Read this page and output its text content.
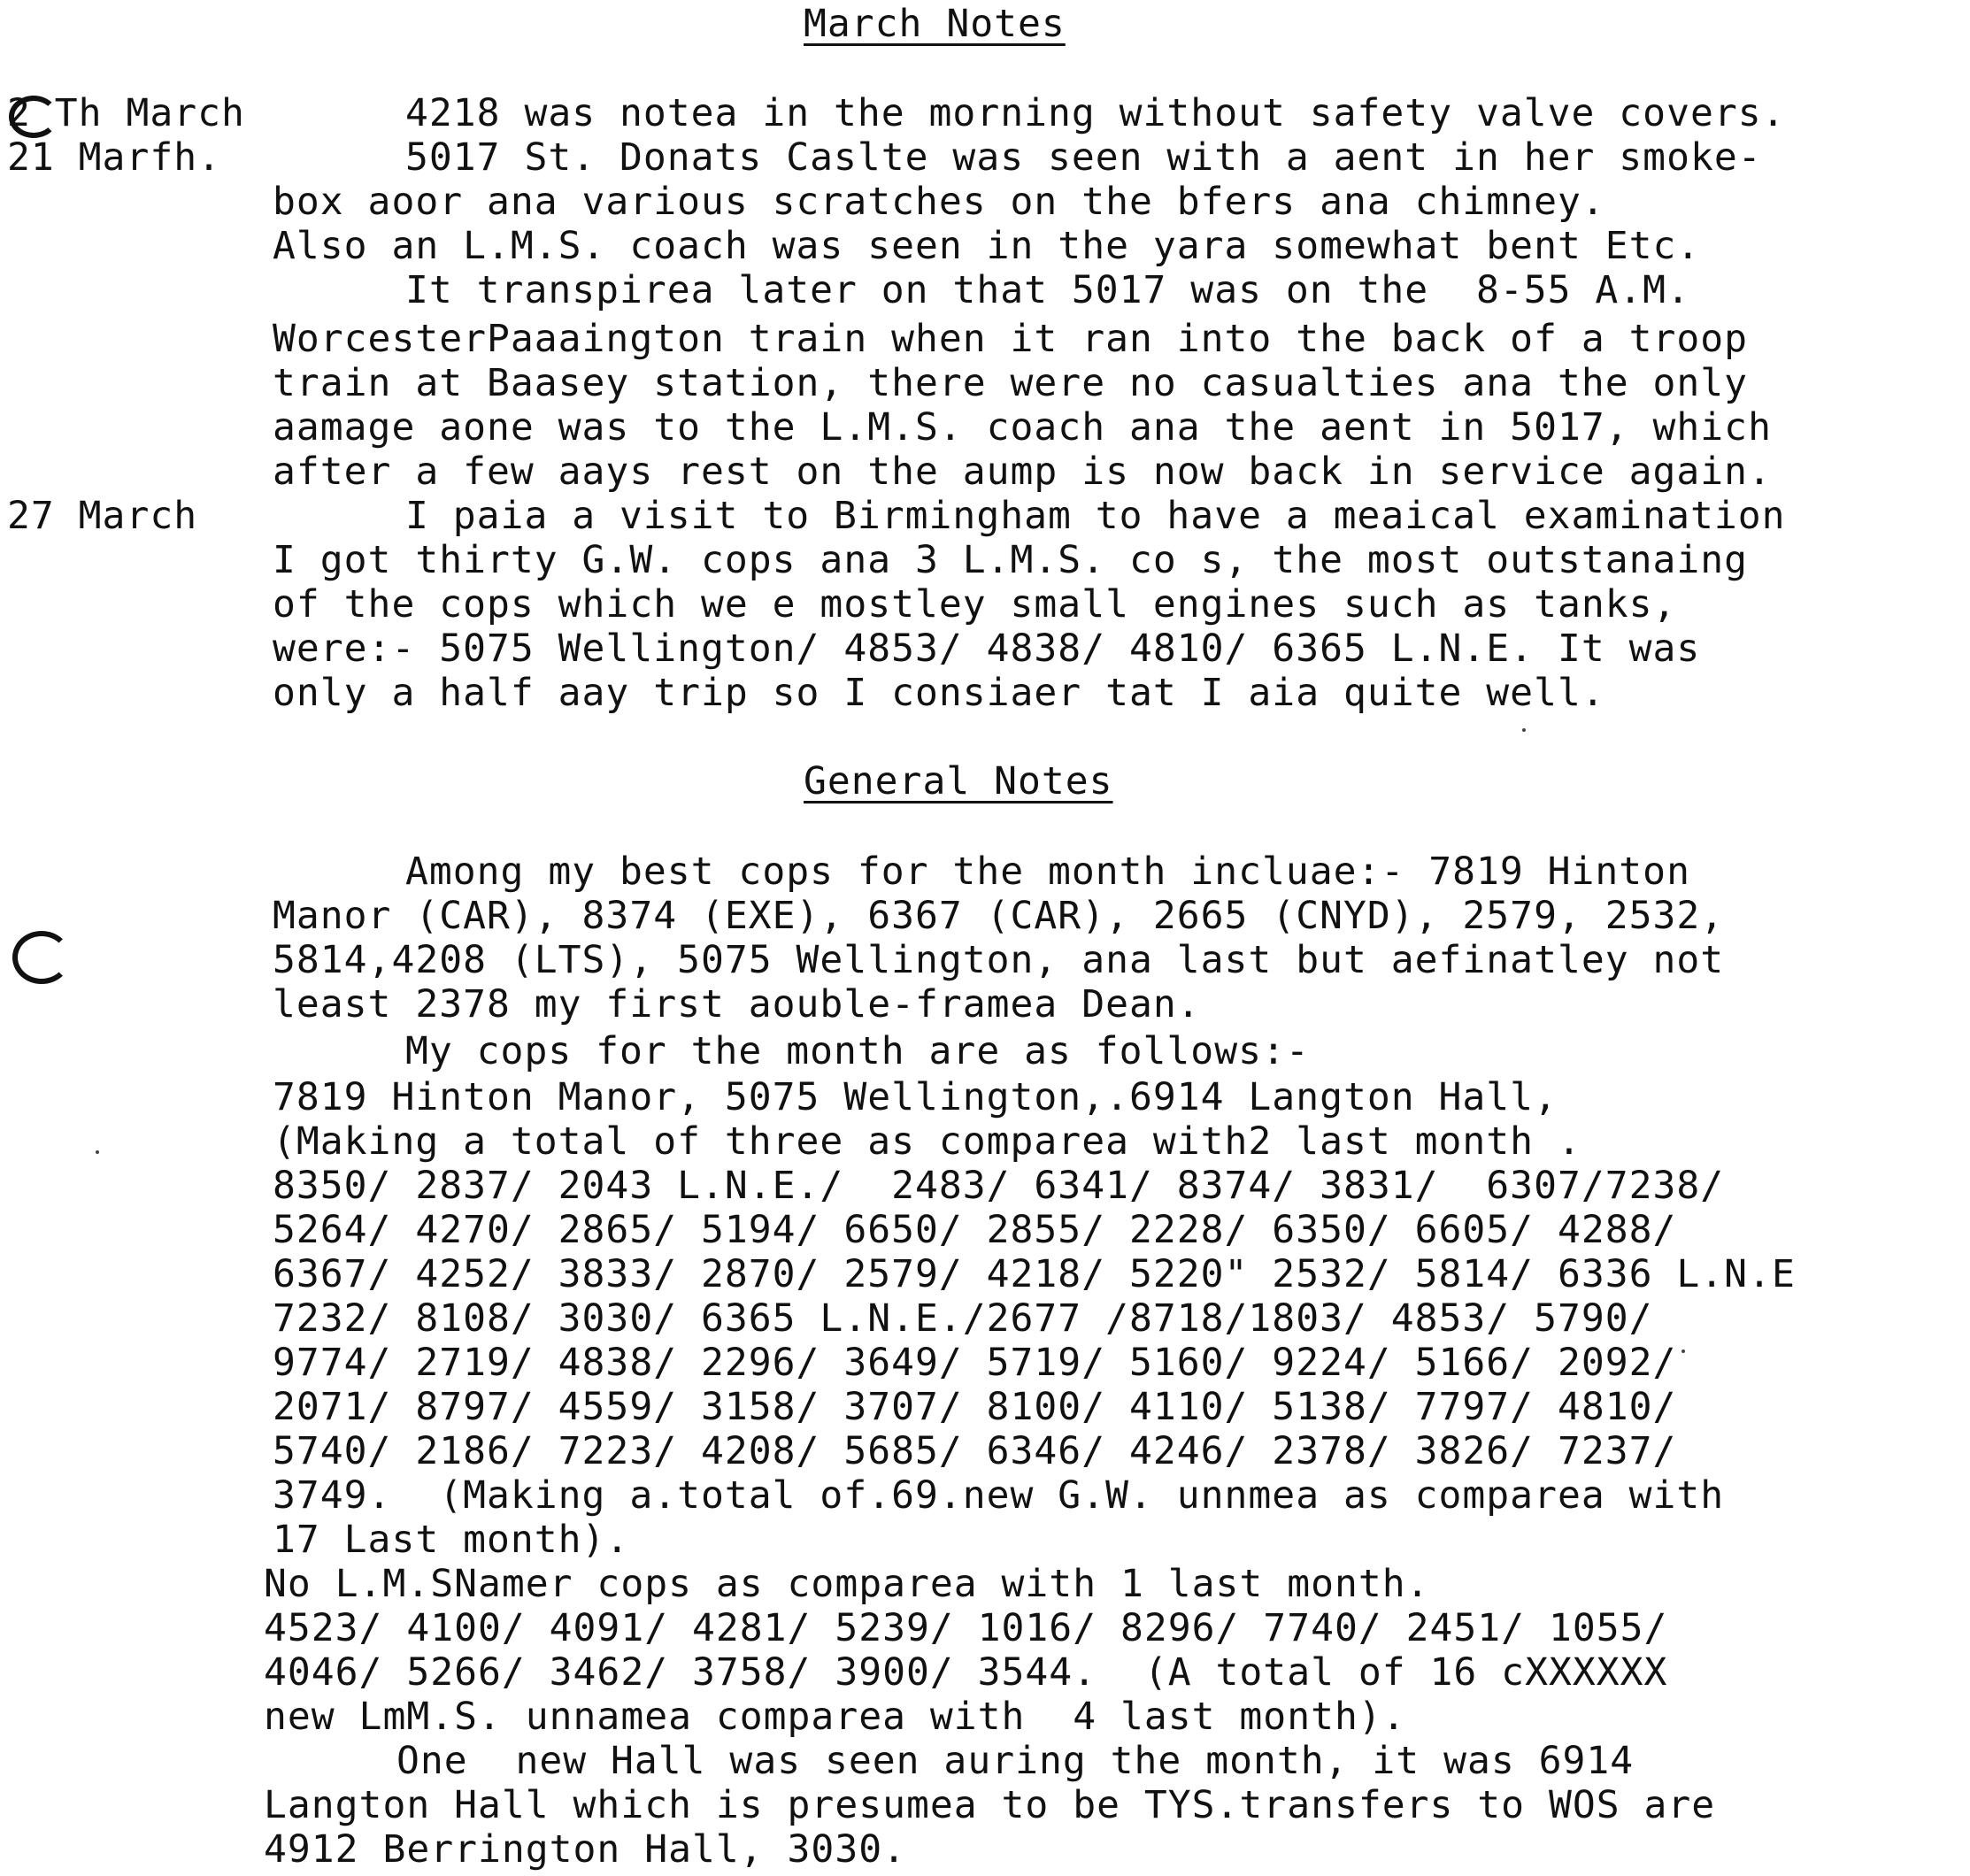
March Notes
2 Th March
21 Marfh.
27 March
4218 was notea in the morning without safety valve covers.
5017 St. Donats Caslte was seen with a aent in her smoke-
box aoor ana various scratches on the bfers ana chimney.
Also an L.M.S. coach was seen in the yara somewhat bent Etc.
It transpirea later on that 5017 was on the  8-55 A.M.
WorcesterPaaaington train when it ran into the back of a troop
train at Baasey station, there were no casualties ana the only
aamage aone was to the L.M.S. coach ana the aent in 5017, which
after a few aays rest on the aump is now back in service again.
I paia a visit to Birmingham to have a meaical examination
I got thirty G.W. cops ana 3 L.M.S. co s, the most outstanaing
of the cops which we e mostley small engines such as tanks,
were:- 5075 Wellington/ 4853/ 4838/ 4810/ 6365 L.N.E. It was
only a half aay trip so I consiaer tat I aia quite well.
General Notes
Among my best cops for the month incluae:- 7819 Hinton
Manor (CAR), 8374 (EXE), 6367 (CAR), 2665 (CNYD), 2579, 2532,
5814,4208 (LTS), 5075 Wellington, ana last but aefinatley not
least 2378 my first aouble-framea Dean.
My cops for the month are as follows:-
7819 Hinton Manor, 5075 Wellington,.6914 Langton Hall,
(Making a total of three as comparea with2 last month .
8350/ 2837/ 2043 L.N.E./  2483/ 6341/ 8374/ 3831/  6307/7238/
5264/ 4270/ 2865/ 5194/ 6650/ 2855/ 2228/ 6350/ 6605/ 4288/
6367/ 4252/ 3833/ 2870/ 2579/ 4218/ 5220" 2532/ 5814/ 6336 L.N.E
7232/ 8108/ 3030/ 6365 L.N.E./2677 /8718/1803/ 4853/ 5790/
9774/ 2719/ 4838/ 2296/ 3649/ 5719/ 5160/ 9224/ 5166/ 2092/
2071/ 8797/ 4559/ 3158/ 3707/ 8100/ 4110/ 5138/ 7797/ 4810/
5740/ 2186/ 7223/ 4208/ 5685/ 6346/ 4246/ 2378/ 3826/ 7237/
3749.  (Making a.total of.69.new G.W. unnmea as comparea with
17 Last month).
No L.M.SNamer cops as comparea with 1 last month.
4523/ 4100/ 4091/ 4281/ 5239/ 1016/ 8296/ 7740/ 2451/ 1055/
4046/ 5266/ 3462/ 3758/ 3900/ 3544.  (A total of 16 cXXXXXX
new LmM.S. unnamea comparea with  4 last month).
One  new Hall was seen auring the month, it was 6914
Langton Hall which is presumea to be TYS.transfers to WOS are
4912 Berrington Hall, 3030.
